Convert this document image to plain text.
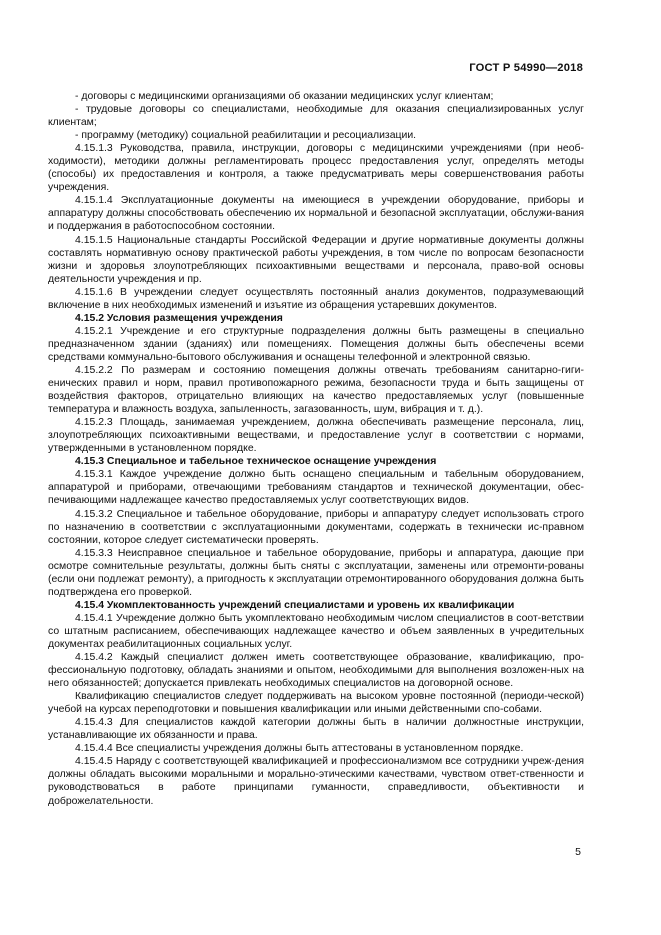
ГОСТ Р 54990—2018

- договоры с медицинскими организациями об оказании медицинских услуг клиентам;

- трудовые договоры со специалистами, необходимые для оказания специализированных услуг клиентам;

- программу (методику) социальной реабилитации и ресоциализации.

4.15.1.3 Руководства, правила, инструкции, договоры с медицинскими учреждениями (при необ-ходимости), методики должны регламентировать процесс предоставления услуг, определять методы (способы) их предоставления и контроля, а также предусматривать меры совершенствования работы учреждения.

4.15.1.4 Эксплуатационные документы на имеющиеся в учреждении оборудование, приборы и аппаратуру должны способствовать обеспечению их нормальной и безопасной эксплуатации, обслужи-вания и поддержания в работоспособном состоянии.

4.15.1.5 Национальные стандарты Российской Федерации и другие нормативные документы должны составлять нормативную основу практической работы учреждения, в том числе по вопросам безопасности жизни и здоровья злоупотребляющих психоактивными веществами и персонала, право-вой основы деятельности учреждения и пр.

4.15.1.6 В учреждении следует осуществлять постоянный анализ документов, подразумевающий включение в них необходимых изменений и изъятие из обращения устаревших документов.

4.15.2 Условия размещения учреждения

4.15.2.1 Учреждение и его структурные подразделения должны быть размещены в специально предназначенном здании (зданиях) или помещениях. Помещения должны быть обеспечены всеми средствами коммунально-бытового обслуживания и оснащены телефонной и электронной связью.

4.15.2.2 По размерам и состоянию помещения должны отвечать требованиям санитарно-гиги-енических правил и норм, правил противопожарного режима, безопасности труда и быть защищены от воздействия факторов, отрицательно влияющих на качество предоставляемых услуг (повышенные температура и влажность воздуха, запыленность, загазованность, шум, вибрация и т. д.).

4.15.2.3 Площадь, занимаемая учреждением, должна обеспечивать размещение персонала, лиц, злоупотребляющих психоактивными веществами, и предоставление услуг в соответствии с нормами, утвержденными в установленном порядке.

4.15.3 Специальное и табельное техническое оснащение учреждения

4.15.3.1 Каждое учреждение должно быть оснащено специальным и табельным оборудованием, аппаратурой и приборами, отвечающими требованиям стандартов и технической документации, обес-печивающими надлежащее качество предоставляемых услуг соответствующих видов.

4.15.3.2 Специальное и табельное оборудование, приборы и аппаратуру следует использовать строго по назначению в соответствии с эксплуатационными документами, содержать в технически ис-правном состоянии, которое следует систематически проверять.

4.15.3.3 Неисправное специальное и табельное оборудование, приборы и аппаратура, дающие при осмотре сомнительные результаты, должны быть сняты с эксплуатации, заменены или отремонти-рованы (если они подлежат ремонту), а пригодность к эксплуатации отремонтированного оборудования должна быть подтверждена его проверкой.

4.15.4 Укомплектованность учреждений специалистами и уровень их квалификации

4.15.4.1 Учреждение должно быть укомплектовано необходимым числом специалистов в соот-ветствии со штатным расписанием, обеспечивающих надлежащее качество и объем заявленных в учредительных документах реабилитационных социальных услуг.

4.15.4.2 Каждый специалист должен иметь соответствующее образование, квалификацию, про-фессиональную подготовку, обладать знаниями и опытом, необходимыми для выполнения возложен-ных на него обязанностей; допускается привлекать необходимых специалистов на договорной основе.

Квалификацию специалистов следует поддерживать на высоком уровне постоянной (периоди-ческой) учебой на курсах переподготовки и повышения квалификации или иными действенными спо-собами.

4.15.4.3 Для специалистов каждой категории должны быть в наличии должностные инструкции, устанавливающие их обязанности и права.

4.15.4.4 Все специалисты учреждения должны быть аттестованы в установленном порядке.

4.15.4.5 Наряду с соответствующей квалификацией и профессионализмом все сотрудники учреж-дения должны обладать высокими моральными и морально-этическими качествами, чувством ответ-ственности и руководствоваться в работе принципами гуманности, справедливости, объективности и доброжелательности.

5
